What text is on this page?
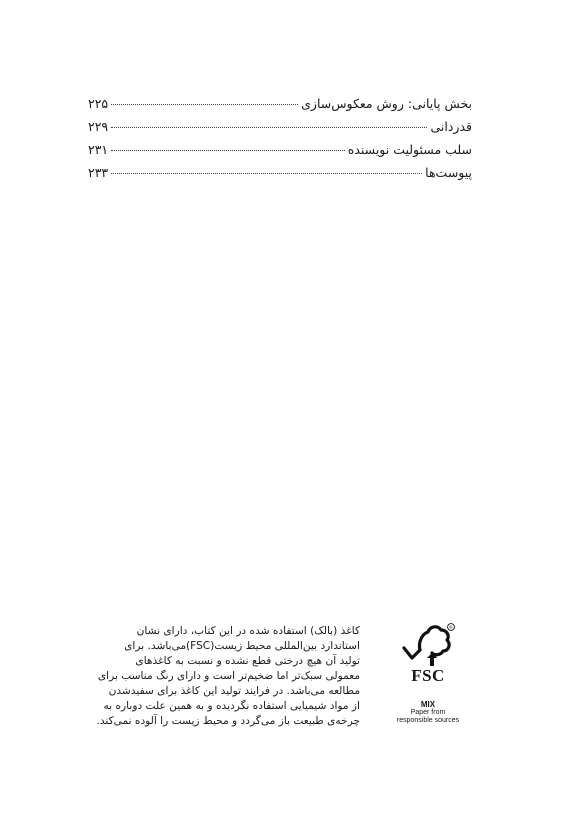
بخش پایانی: روش معکوس‌سازی
۲۲۵
قدردانی
۲۲۹
سلب مسئولیت نویسنده
۲۳۱
پیوست‌ها
۲۳۳

کاغذ (بالک) استفاده شده در این کتاب، دارای نشان

استاندارد بین‌المللی محیط زیست(FSC)می‌باشد. برای

تولید آن هیچ درختی قطع نشده و نسبت به کاغذهای

معمولی سبک‌تر اما ضخیم‌تر است و دارای رنگ مناسب برای

مطالعه می‌باشد. در فرایند تولید این کاغذ برای سفیدشدن

از مواد شیمیایی استفاده نگردیده و به همین علت دوباره به

چرخه‌ی طبیعت باز می‌گردد و محیط زیست را آلوده نمی‌کند.

®
FSC
MIX
Paper from
responsible sources
